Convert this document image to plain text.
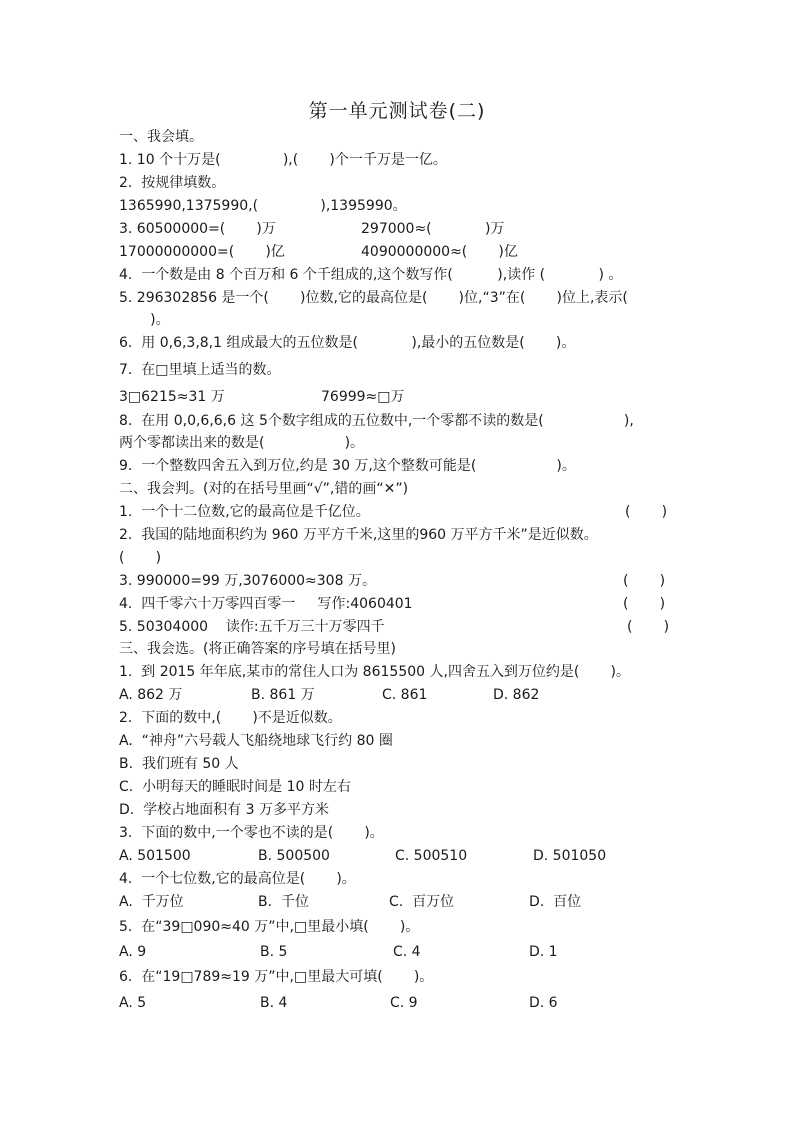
第一单元测试卷(二)
一、我会填。
1. 10 个十万是(              ),(       )个一千万是一亿。
2.  按规律填数。
1365990,1375990,(              ),1395990。
3. 60500000=(       )万	297000≈(            )万
17000000000=(       )亿	4090000000≈(       )亿
4.  一个数是由 8 个百万和 6 个千组成的,这个数写作(          ),读作 (            ) 。
5. 296302856 是一个(       )位数,它的最高位是(       )位,“3”在(       )位上,表示(
)。
6.  用 0,6,3,8,1 组成最大的五位数是(            ),最小的五位数是(       )。
7.  在□里填上适当的数。
3□6215≈31 万	76999≈□万
8.  在用 0,0,6,6,6 这 5个数字组成的五位数中,一个零都不读的数是(                  ),
两个零都读出来的数是(                  )。
9.  一个整数四舍五入到万位,约是 30 万,这个整数可能是(                  )。
二、我会判。(对的在括号里画“√”,错的画“✕”)
1.  一个十二位数,它的最高位是千亿位。	(       )
2.  我国的陆地面积约为 960 万平方千米,这里的960 万平方千米”是近似数。
(       )
3. 990000=99 万,3076000≈308 万。	(       )
4.  四千零六十万零四百零一     写作:4060401	(       )
5. 50304000    读作:五千万三十万零四千	(       )
三、我会选。(将正确答案的序号填在括号里)
1.  到 2015 年年底,某市的常住人口为 8615500 人,四舍五入到万位约是(       )。
A. 862 万	B. 861 万	C. 861	D. 862
2.  下面的数中,(       )不是近似数。
A.  “神舟”六号载人飞船绕地球飞行约 80 圈
B.  我们班有 50 人
C.  小明每天的睡眠时间是 10 时左右
D.  学校占地面积有 3 万多平方米
3.  下面的数中,一个零也不读的是(       )。
A. 501500	B. 500500	C. 500510	D. 501050
4.  一个七位数,它的最高位是(       )。
A.  千万位	B.  千位	C.  百万位	D.  百位
5.  在“39□090≈40 万”中,□里最小填(       )。
A. 9	B. 5	C. 4	D. 1
6.  在“19□789≈19 万”中,□里最大可填(       )。
A. 5	B. 4	C. 9	D. 6
